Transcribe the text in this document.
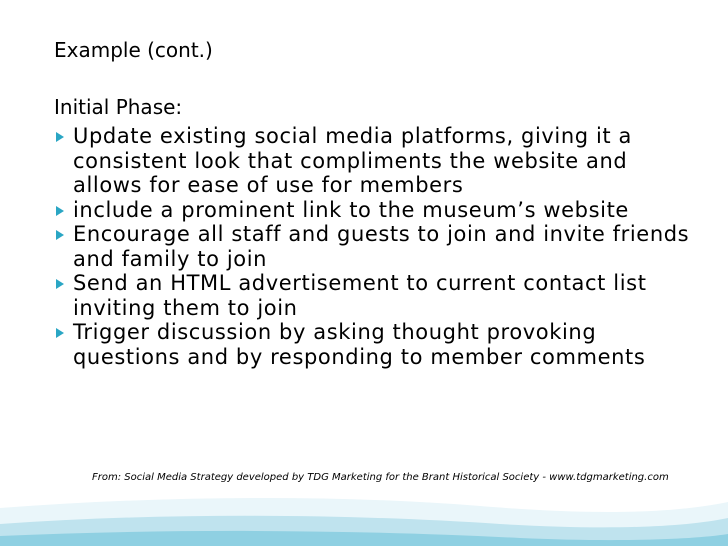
Example (cont.)
Initial Phase:
Update existing social media platforms, giving it a consistent look that compliments the website and allows for ease of use for members
include a prominent link to the museum’s website
Encourage all staff and guests to join and invite friends and family to join
Send an HTML advertisement to current contact list inviting them to join
Trigger discussion by asking thought provoking questions and by responding to member comments
From: Social Media Strategy developed by TDG Marketing for the Brant Historical Society - www.tdgmarketing.com
